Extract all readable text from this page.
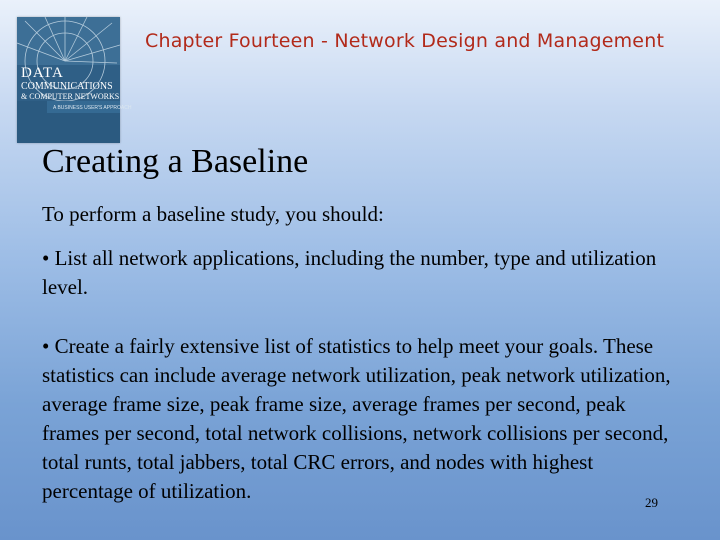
DATA
COMMUNICATIONS
& COMPUTER NETWORKS
A BUSINESS USER'S APPROACH
Chapter Fourteen - Network Design and Management
Creating a Baseline
To perform a baseline study, you should:
• List all network applications, including the number, type and utilization level.
• Create a fairly extensive list of statistics to help meet your goals. These statistics can include average network utilization, peak network utilization, average frame size, peak frame size, average frames per second, peak frames per second, total network collisions, network collisions per second, total runts, total jabbers, total CRC errors, and nodes with highest percentage of utilization.	29
